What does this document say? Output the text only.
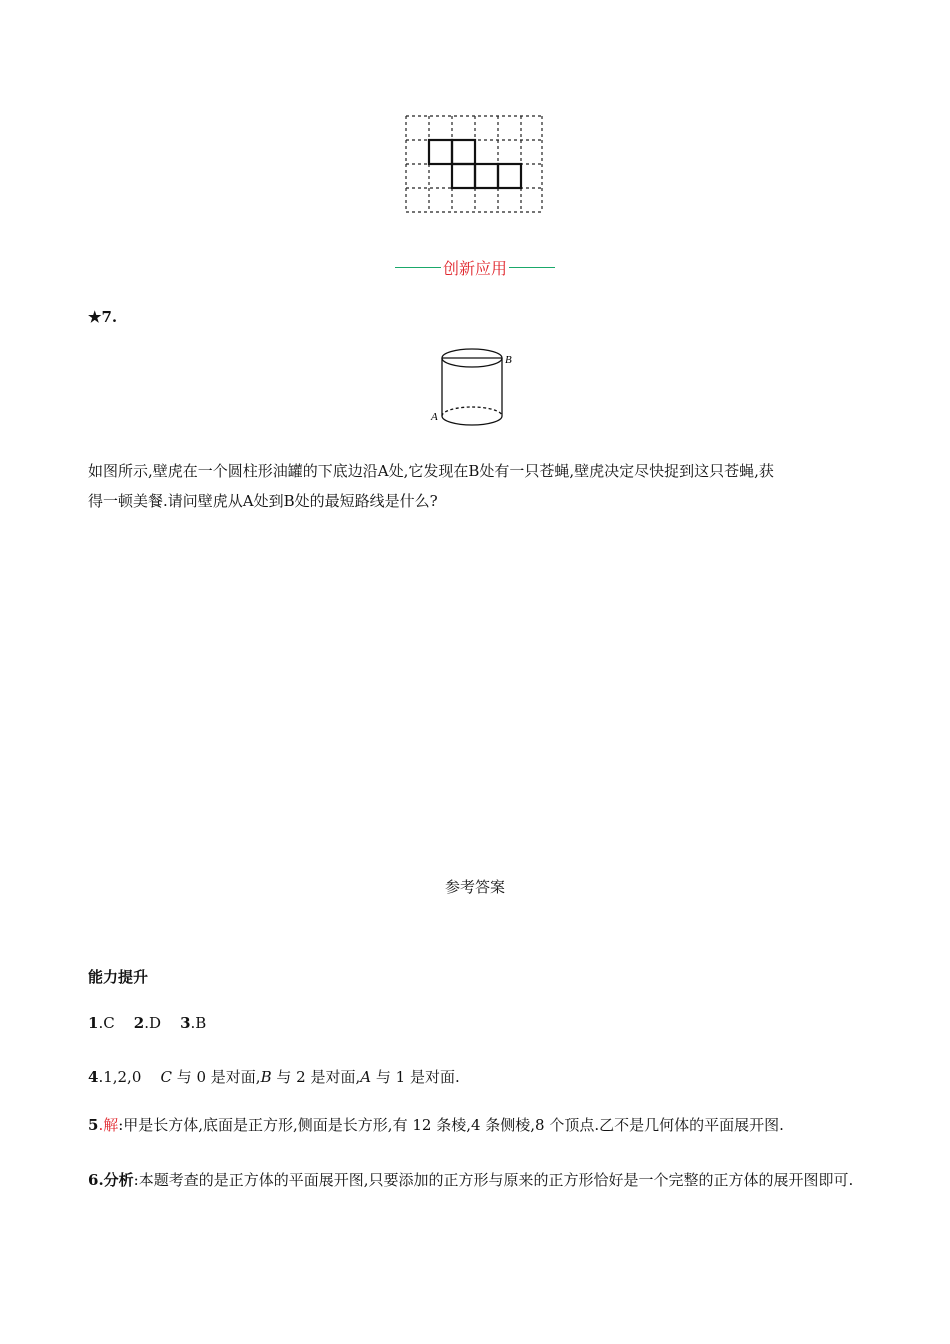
创新应用
★7.
B
A
如图所示,壁虎在一个圆柱形油罐的下底边沿A处,它发现在B处有一只苍蝇,壁虎决定尽快捉到这只苍蝇,获
得一顿美餐.请问壁虎从A处到B处的最短路线是什么?
参考答案
能力提升
1.C 2.D 3.B
4.1,2,0 C 与 0 是对面,B 与 2 是对面,A 与 1 是对面.
5.解:甲是长方体,底面是正方形,侧面是长方形,有 12 条棱,4 条侧棱,8 个顶点.乙不是几何体的平面展开图.
6.分析:本题考查的是正方体的平面展开图,只要添加的正方形与原来的正方形恰好是一个完整的正方体的展开图即可.
